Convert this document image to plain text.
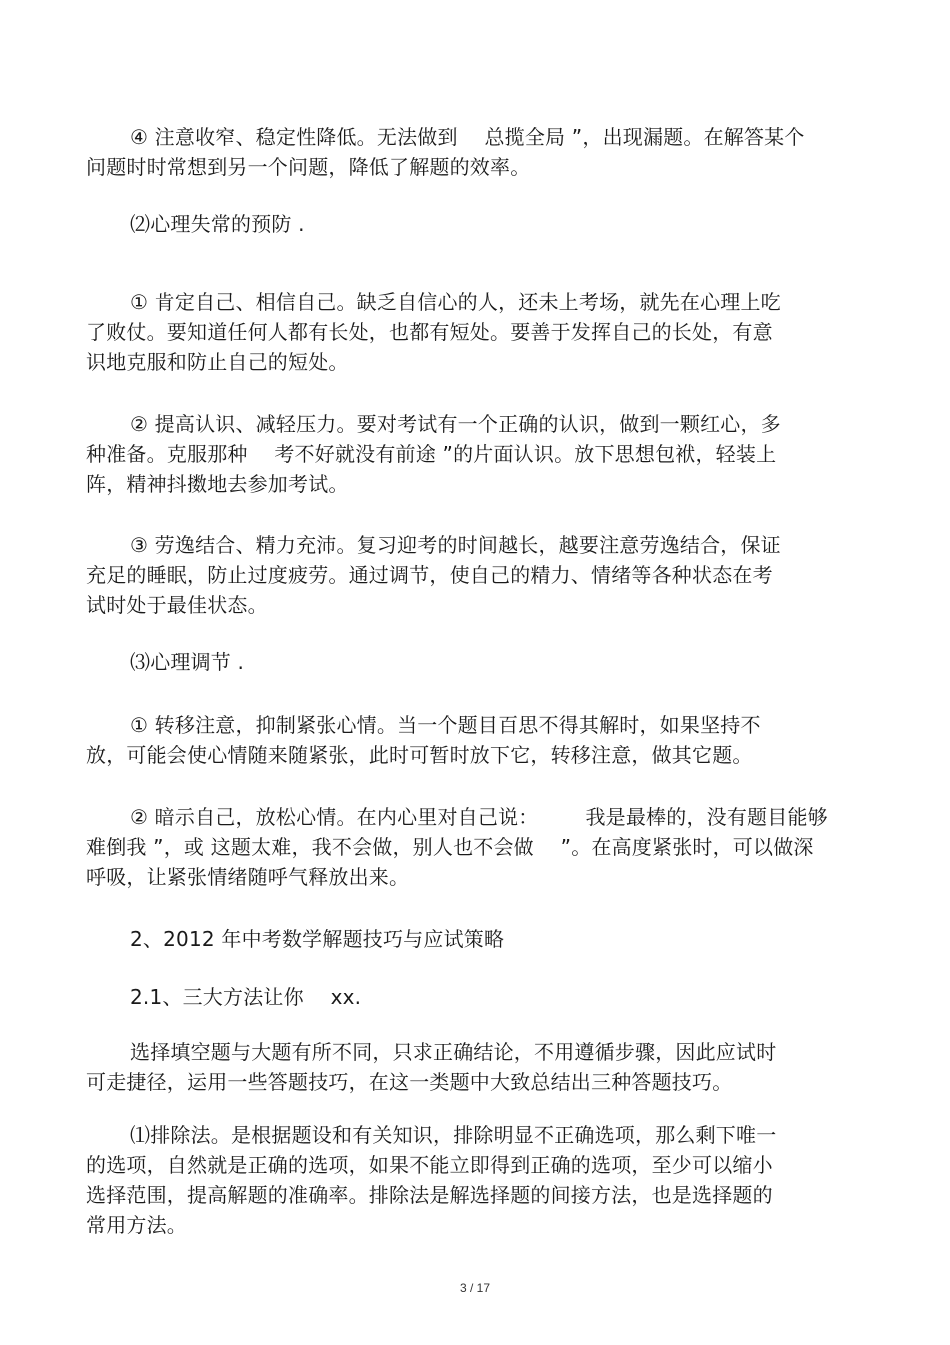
④ 注意收窄、稳定性降低。无法做到 　总揽全局 ”，出现漏题。在解答某个
问题时时常想到另一个问题，降低了解题的效率。
⑵心理失常的预防 .
① 肯定自己、相信自己。缺乏自信心的人，还未上考场，就先在心理上吃
了败仗。要知道任何人都有长处，也都有短处。要善于发挥自己的长处，有意
识地克服和防止自己的短处。
② 提高认识、减轻压力。要对考试有一个正确的认识，做到一颗红心，多
种准备。克服那种 　考不好就没有前途 ”的片面认识。放下思想包袱，轻装上
阵，精神抖擞地去参加考试。
③ 劳逸结合、精力充沛。复习迎考的时间越长，越要注意劳逸结合，保证
充足的睡眠，防止过度疲劳。通过调节，使自己的精力、情绪等各种状态在考
试时处于最佳状态。
⑶心理调节 .
① 转移注意，抑制紧张心情。当一个题目百思不得其解时，如果坚持不
放，可能会使心情随来随紧张，此时可暂时放下它，转移注意，做其它题。
② 暗示自己，放松心情。在内心里对自己说： 　　我是最棒的，没有题目能够
难倒我 ”，或 这题太难，我不会做，别人也不会做 　”。在高度紧张时，可以做深
呼吸，让紧张情绪随呼气释放出来。
2、2012 年中考数学解题技巧与应试策略
2.1、三大方法让你 　xx.
选择填空题与大题有所不同，只求正确结论，不用遵循步骤，因此应试时
可走捷径，运用一些答题技巧，在这一类题中大致总结出三种答题技巧。
⑴排除法。是根据题设和有关知识，排除明显不正确选项，那么剩下唯一
的选项，自然就是正确的选项，如果不能立即得到正确的选项，至少可以缩小
选择范围，提高解题的准确率。排除法是解选择题的间接方法，也是选择题的
常用方法。
3 / 17
